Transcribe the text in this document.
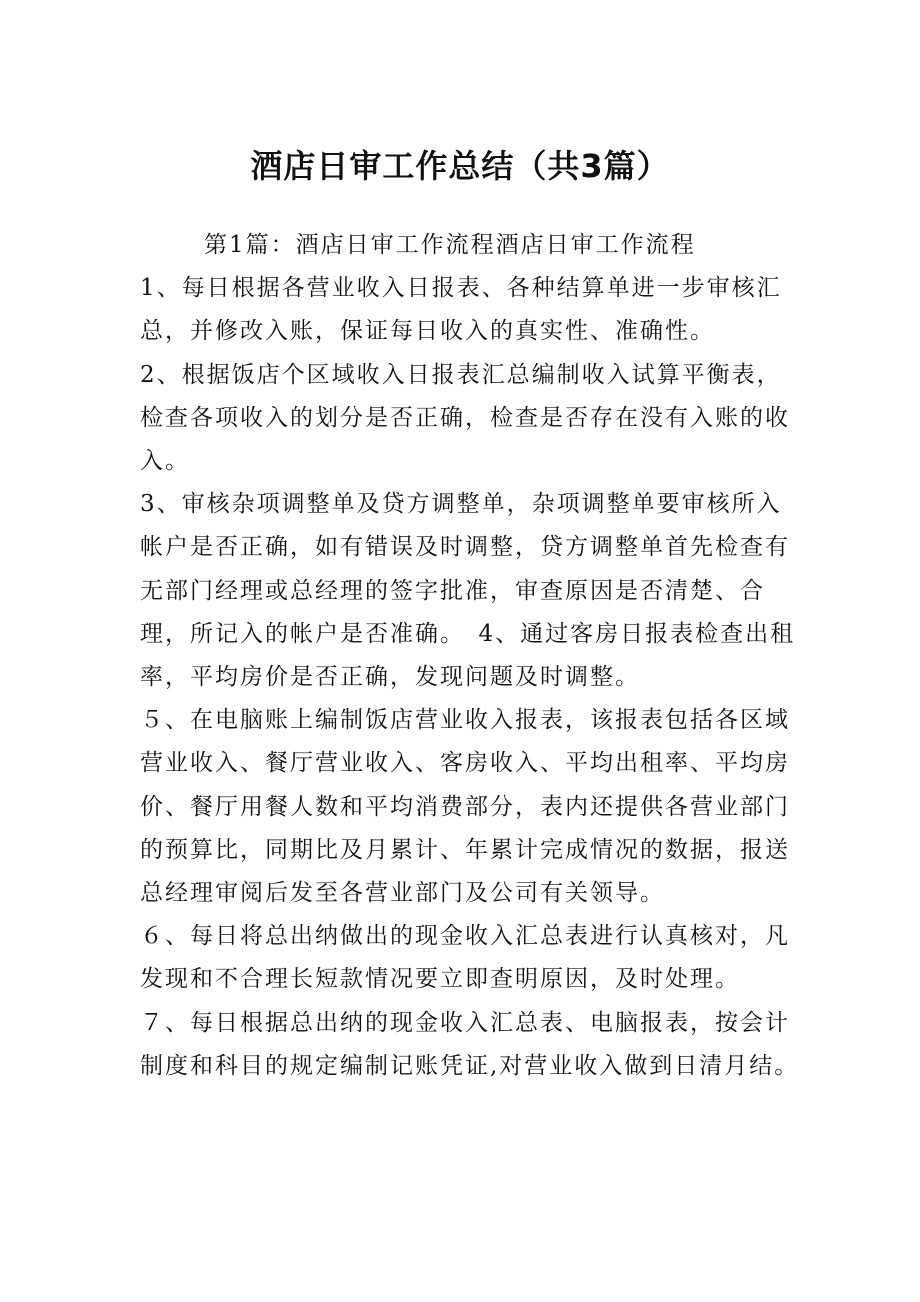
酒店日审工作总结（共3篇）

第1篇：酒店日审工作流程酒店日审工作流程

1、每日根据各营业收入日报表、各种结算单进一步审核汇总，并修改入账，保证每日收入的真实性、准确性。

2、根据饭店个区域收入日报表汇总编制收入试算平衡表，检查各项收入的划分是否正确，检查是否存在没有入账的收入。

3、审核杂项调整单及贷方调整单，杂项调整单要审核所入帐户是否正确，如有错误及时调整，贷方调整单首先检查有无部门经理或总经理的签字批准，审查原因是否清楚、合理，所记入的帐户是否准确。　4、通过客房日报表检查出租率，平均房价是否正确，发现问题及时调整。

５、在电脑账上编制饭店营业收入报表，该报表包括各区域营业收入、餐厅营业收入、客房收入、平均出租率、平均房价、餐厅用餐人数和平均消费部分，表内还提供各营业部门的预算比，同期比及月累计、年累计完成情况的数据，报送总经理审阅后发至各营业部门及公司有关领导。

６、每日将总出纳做出的现金收入汇总表进行认真核对，凡发现和不合理长短款情况要立即查明原因，及时处理。

７、每日根据总出纳的现金收入汇总表、电脑报表，按会计制度和科目的规定编制记账凭证,对营业收入做到日清月结。
